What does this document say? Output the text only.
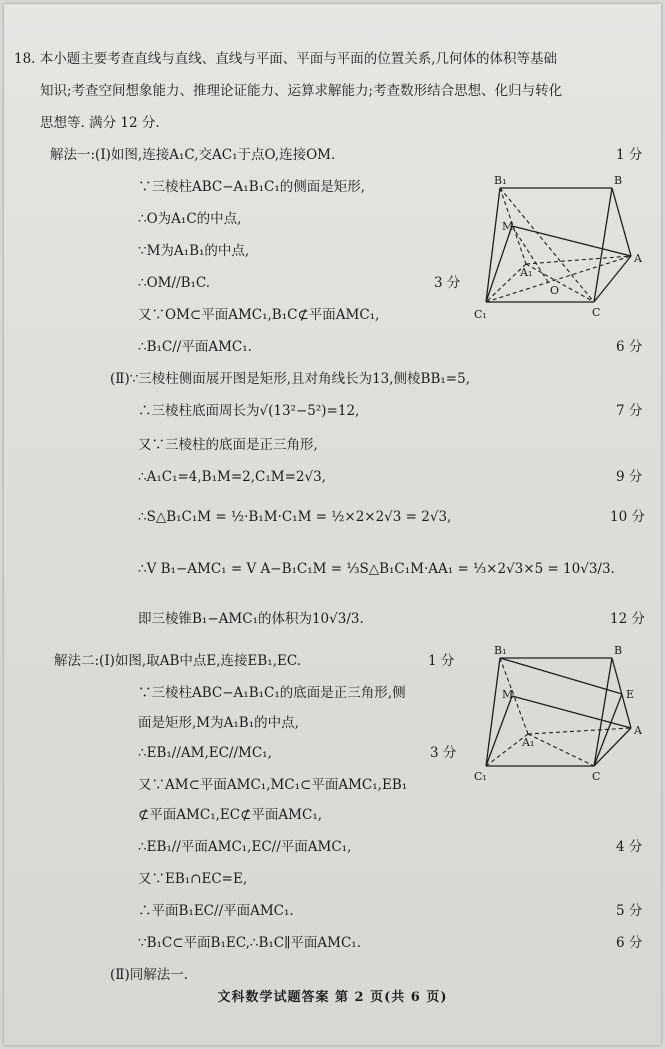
18. 本小题主要考查直线与直线、直线与平面、平面与平面的位置关系,几何体的体积等基础
知识;考查空间想象能力、推理论证能力、运算求解能力;考查数形结合思想、化归与转化
思想等. 满分 12 分.
解法一:(Ⅰ)如图,连接A₁C,交AC₁于点O,连接OM.	1 分
∵三棱柱ABC−A₁B₁C₁的侧面是矩形,
∴O为A₁C的中点,
∵M为A₁B₁的中点,
∴OM//B₁C.	3 分
又∵OM⊂平面AMC₁,B₁C⊄平面AMC₁,
∴B₁C//平面AMC₁.	6 分
(Ⅱ)∵三棱柱侧面展开图是矩形,且对角线长为13,侧棱BB₁=5,
∴三棱柱底面周长为√(13²−5²)=12,	7 分
又∵三棱柱的底面是正三角形,
∴A₁C₁=4,B₁M=2,C₁M=2√3,	9 分
∴S△B₁C₁M = ½·B₁M·C₁M = ½×2×2√3 = 2√3,	10 分
∴V B₁−AMC₁ = V A−B₁C₁M = ⅓S△B₁C₁M·AA₁ = ⅓×2√3×5 = 10√3/3.
即三棱锥B₁−AMC₁的体积为10√3/3.	12 分
B₁	B
M
A₁
A
O
C₁	C
解法二:(Ⅰ)如图,取AB中点E,连接EB₁,EC.	1 分
∵三棱柱ABC−A₁B₁C₁的底面是正三角形,侧
面是矩形,M为A₁B₁的中点,
∴EB₁//AM,EC//MC₁,	3 分
又∵AM⊂平面AMC₁,MC₁⊂平面AMC₁,EB₁
⊄平面AMC₁,EC⊄平面AMC₁,
∴EB₁//平面AMC₁,EC//平面AMC₁,	4 分
又∵EB₁∩EC=E,
∴平面B₁EC//平面AMC₁.	5 分
∵B₁C⊂平面B₁EC,∴B₁C∥平面AMC₁.	6 分
(Ⅱ)同解法一.
B₁	B
M	E
A₁
A
C₁	C
文科数学试题答案 第 2 页(共 6 页)
